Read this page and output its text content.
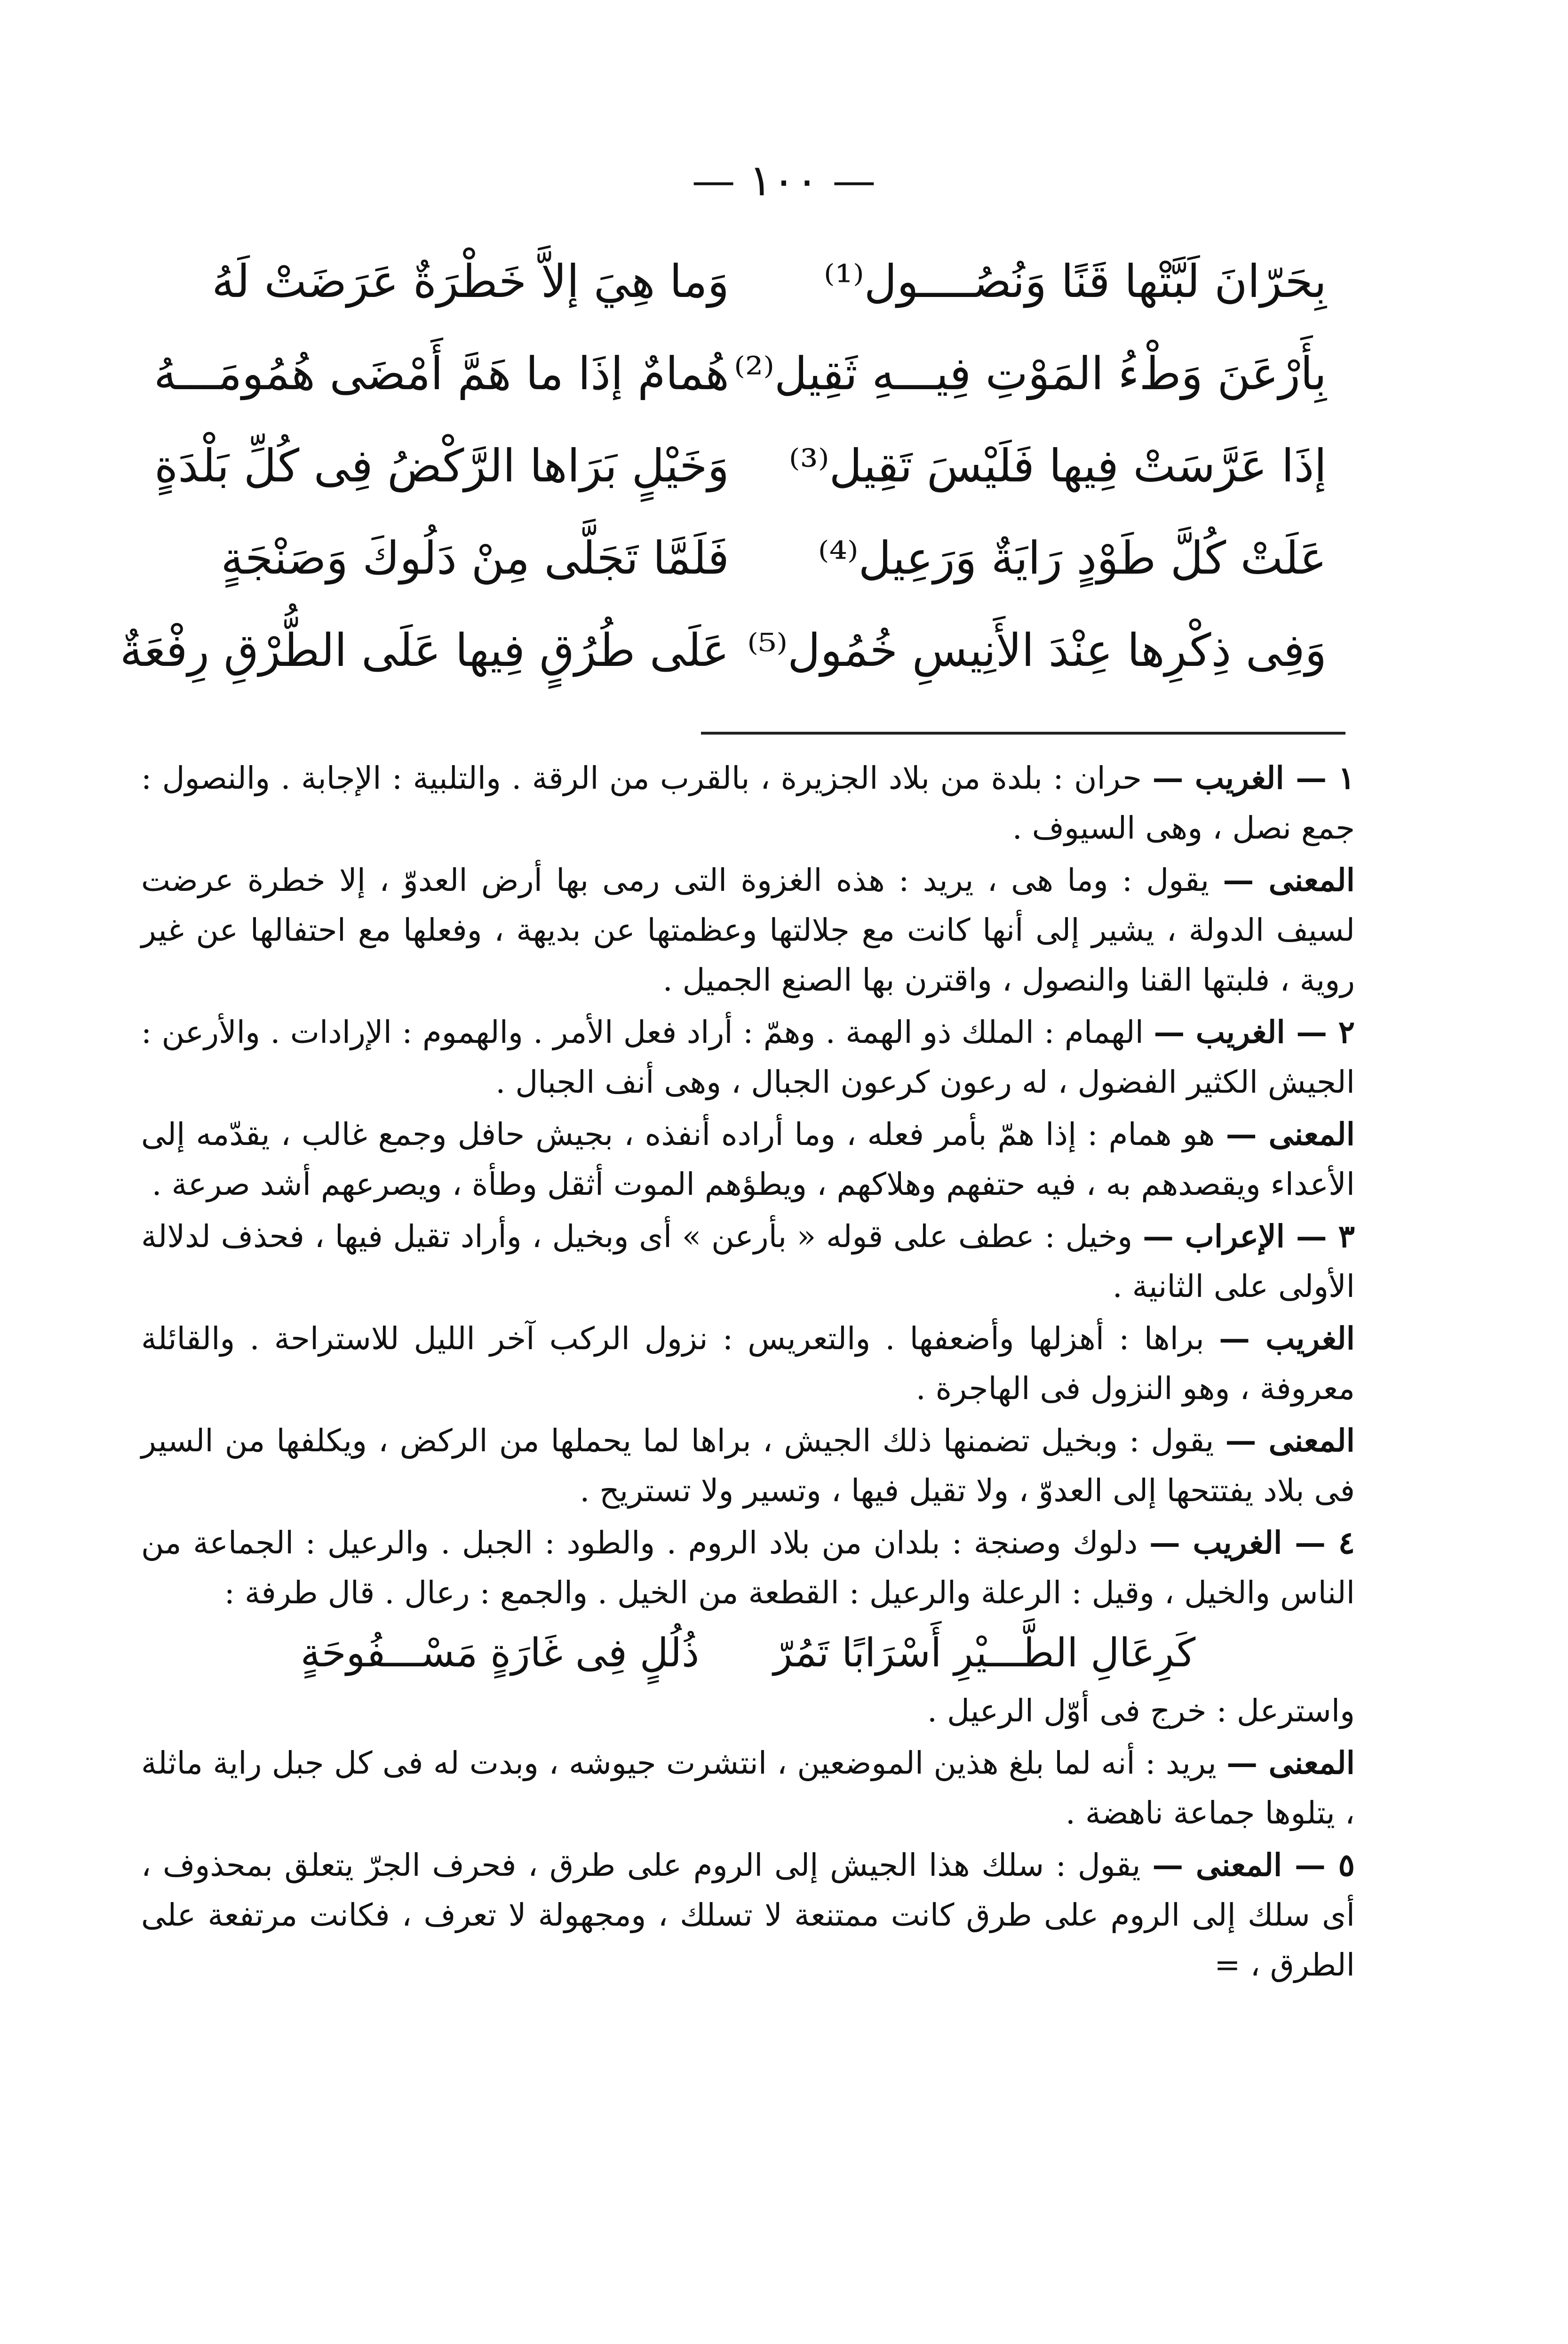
— ١٠٠ —
وَما هِيَ إلاَّ خَطْرَةٌ عَرَضَتْ لَهُ	بِحَرّانَ لَبَّتْها قَنًا وَنُصُــــول⁽¹⁾
هُمامٌ إذَا ما هَمَّ أَمْضَى هُمُومَـــهُ بِأَرْعَنَ وَطْءُ المَوْتِ فِيـــهِ ثَقِيل⁽²⁾
وَخَيْلٍ بَرَاها الرَّكْضُ فِى كُلِّ بَلْدَةٍ إذَا عَرَّسَتْ فِيها فَلَيْسَ تَقِيل⁽³⁾
فَلَمَّا تَجَلَّى مِنْ دَلُوكَ وَصَنْجَةٍ	عَلَتْ كُلَّ طَوْدٍ رَايَةٌ وَرَعِيل⁽⁴⁾
عَلَى طُرُقٍ فِيها عَلَى الطُّرْقِ رِفْعَةٌ وَفِى ذِكْرِها عِنْدَ الأَنِيسِ خُمُول⁽⁵⁾

١ — الغريب — حران : بلدة من بلاد الجزيرة ، بالقرب من الرقة . والتلبية : الإجابة . والنصول : جمع نصل ، وهى السيوف .

المعنى — يقول : وما هى ، يريد : هذه الغزوة التى رمى بها أرض العدوّ ، إلا خطرة عرضت لسيف الدولة ، يشير إلى أنها كانت مع جلالتها وعظمتها عن بديهة ، وفعلها مع احتفالها عن غير روية ، فلبتها القنا والنصول ، واقترن بها الصنع الجميل .

٢ — الغريب — الهمام : الملك ذو الهمة . وهمّ : أراد فعل الأمر . والهموم : الإرادات . والأرعن : الجيش الكثير الفضول ، له رعون كرعون الجبال ، وهى أنف الجبال .

المعنى — هو همام : إذا همّ بأمر فعله ، وما أراده أنفذه ، بجيش حافل وجمع غالب ، يقدّمه إلى الأعداء ويقصدهم به ، فيه حتفهم وهلاكهم ، ويطؤهم الموت أثقل وطأة ، ويصرعهم أشد صرعة .

٣ — الإعراب — وخيل : عطف على قوله « بأرعن » أى وبخيل ، وأراد تقيل فيها ، فحذف لدلالة الأولى على الثانية .

الغريب — براها : أهزلها وأضعفها . والتعريس : نزول الركب آخر الليل للاستراحة . والقائلة معروفة ، وهو النزول فى الهاجرة .

المعنى — يقول : وبخيل تضمنها ذلك الجيش ، براها لما يحملها من الركض ، ويكلفها من السير فى بلاد يفتتحها إلى العدوّ ، ولا تقيل فيها ، وتسير ولا تستريح .

٤ — الغريب — دلوك وصنجة : بلدان من بلاد الروم . والطود : الجبل . والرعيل : الجماعة من الناس والخيل ، وقيل : الرعلة والرعيل : القطعة من الخيل . والجمع : رعال . قال طرفة :

ذُلُلٍ فِى غَارَةٍ مَسْـــفُوحَةٍ كَرِعَالِ الطَّـــيْرِ أَسْرَابًا تَمُرّ

واسترعل : خرج فى أوّل الرعيل .

المعنى — يريد : أنه لما بلغ هذين الموضعين ، انتشرت جيوشه ، وبدت له فى كل جبل راية ماثلة ، يتلوها جماعة ناهضة .

٥ — المعنى — يقول : سلك هذا الجيش إلى الروم على طرق ، فحرف الجرّ يتعلق بمحذوف ، أى سلك إلى الروم على طرق كانت ممتنعة لا تسلك ، ومجهولة لا تعرف ، فكانت مرتفعة على الطرق ، =
